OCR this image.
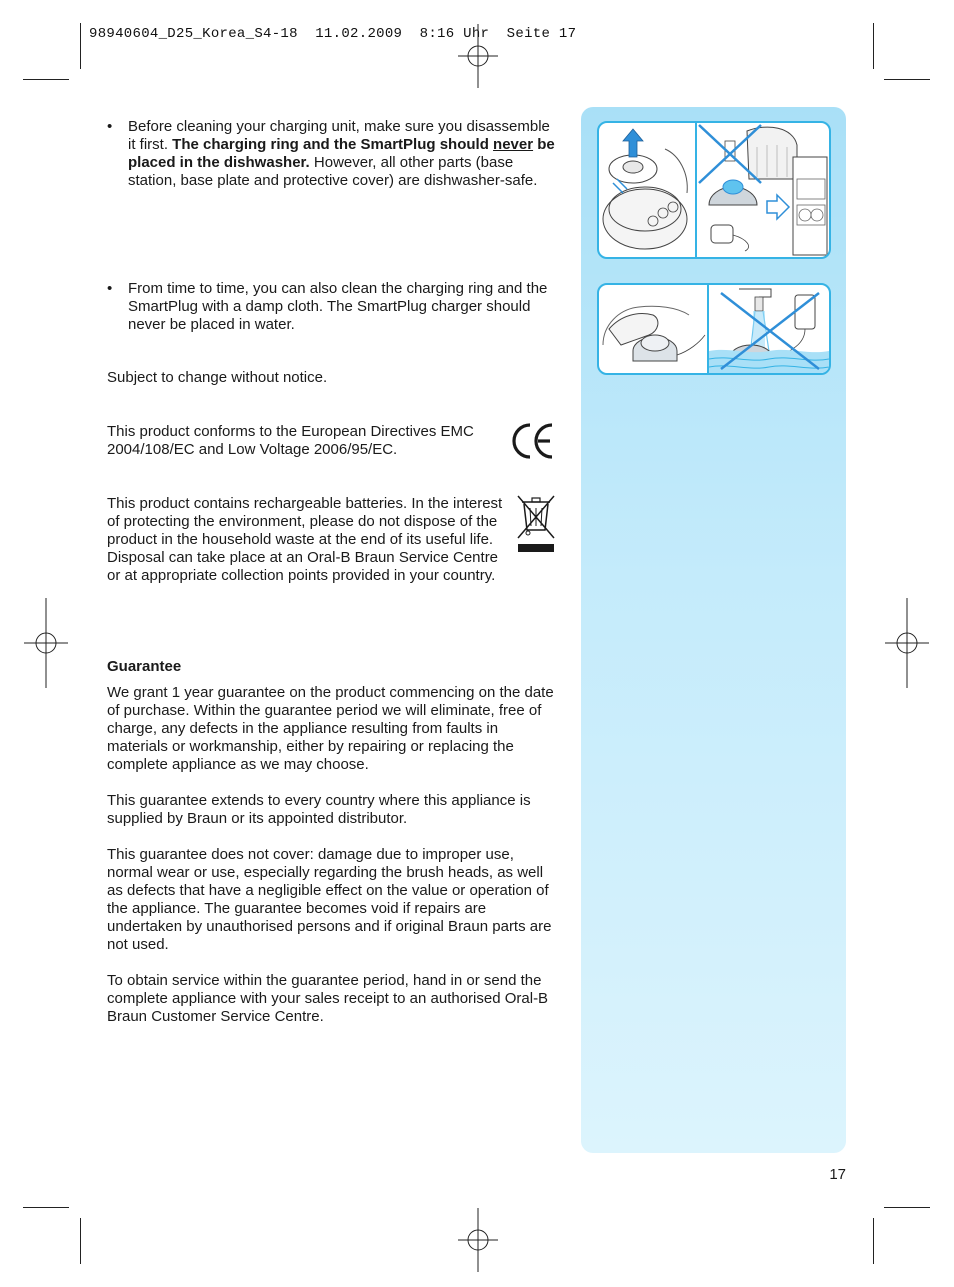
98940604_D25_Korea_S4-18  11.02.2009  8:16 Uhr  Seite 17
• Before cleaning your charging unit, make sure you disassemble it first. The charging ring and the SmartPlug should never be placed in the dishwasher. However, all other parts (base station, base plate and protective cover) are dishwasher-safe.
• From time to time, you can also clean the charging ring and the SmartPlug with a damp cloth. The SmartPlug charger should never be placed in water.
Subject to change without notice.
This product conforms to the European Directives EMC 2004/108/EC and Low Voltage 2006/95/EC.
This product contains rechargeable batteries. In the interest of protecting the environment, please do not dispose of the product in the household waste at the end of its useful life. Disposal can take place at an Oral-B Braun Service Centre or at appropriate collection points provided in your country.

Guarantee

We grant 1 year guarantee on the product commencing on the date of purchase. Within the guarantee period we will eliminate, free of charge, any defects in the appliance resulting from faults in materials or workmanship, either by repairing or replacing the complete appliance as we may choose.

This guarantee extends to every country where this appliance is supplied by Braun or its appointed distributor.

This guarantee does not cover: damage due to improper use, normal wear or use, especially regarding the brush heads, as well as defects that have a negligible effect on the value or operation of the appliance. The guarantee becomes void if repairs are undertaken by unauthorised persons and if original Braun parts are not used.

To obtain service within the guarantee period, hand in or send the complete appliance with your sales receipt to an authorised Oral-B Braun Customer Service Centre.

17
